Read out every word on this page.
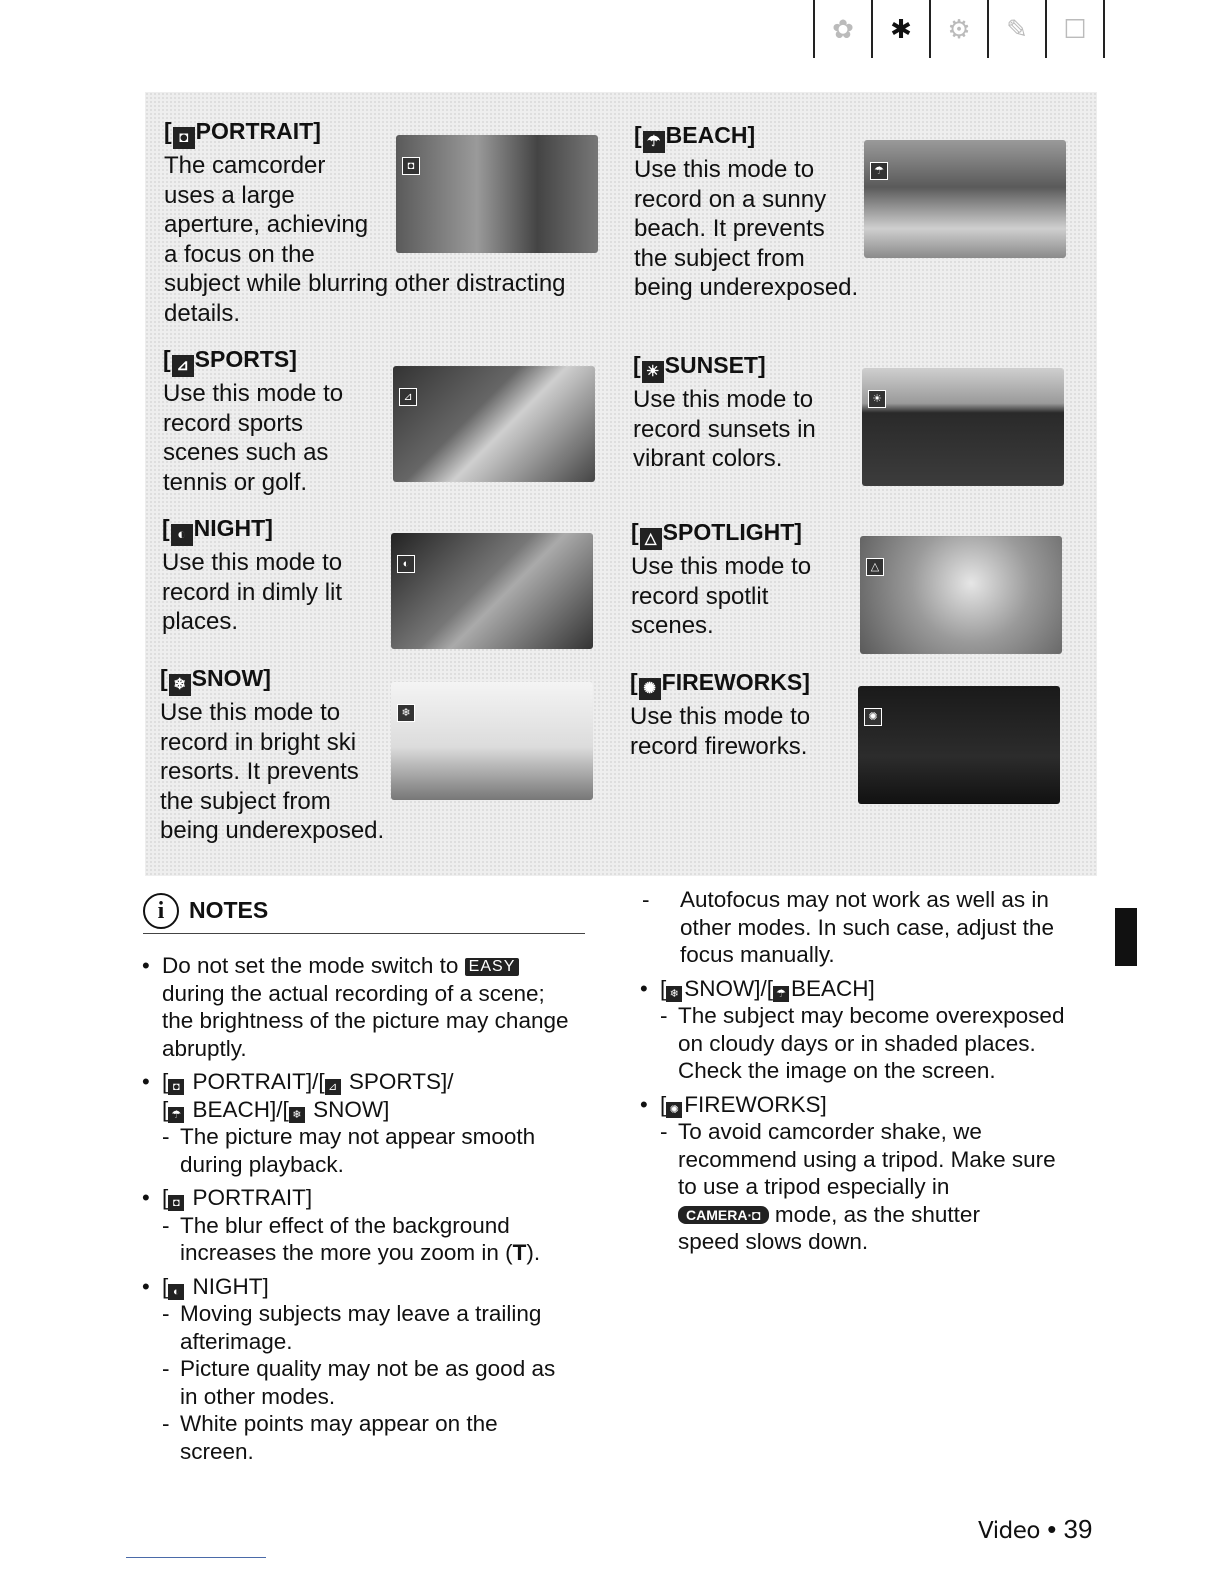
✿	✱	⚙	✎	☐
[ ◘ PORTRAIT]
The camcorder
uses a large
aperture, achieving
a focus on the
subject while blurring other distracting
details.
◘
[ ☂ BEACH]
Use this mode to
record on a sunny
beach. It prevents
the subject from
being underexposed.
☂
[ ⊿ SPORTS]
Use this mode to
record sports
scenes such as
tennis or golf.
⊿
[ ☀ SUNSET]
Use this mode to
record sunsets in
vibrant colors.
☀
[ ◐ NIGHT]
Use this mode to
record in dimly lit
places.
◐
[ △ SPOTLIGHT]
Use this mode to
record spotlit
scenes.
△
[ ❄ SNOW]
Use this mode to
record in bright ski
resorts. It prevents
the subject from
being underexposed.
❄
[ ✺ FIREWORKS]
Use this mode to
record fireworks.
✺
i	NOTES
• Do not set the mode switch to EASY
during the actual recording of a scene;
the brightness of the picture may change
abruptly.
• [ ◘ PORTRAIT]/[ ⊿ SPORTS]/
[ ☂ BEACH]/[ ❄ SNOW]
- The picture may not appear smooth
during playback.
• [ ◘ PORTRAIT]
- The blur effect of the background
increases the more you zoom in (T).
• [ ◐ NIGHT]
- Moving subjects may leave a trailing
afterimage.
- Picture quality may not be as good as
in other modes.
- White points may appear on the
screen.
- Autofocus may not work as well as in
other modes. In such case, adjust the
focus manually.
• [ ❄ SNOW]/[ ☂ BEACH]
- The subject may become overexposed
on cloudy days or in shaded places.
Check the image on the screen.
• [ ✺ FIREWORKS]
- To avoid camcorder shake, we
recommend using a tripod. Make sure
to use a tripod especially in
CAMERA·◘ mode, as the shutter
speed slows down.
Video • 39
